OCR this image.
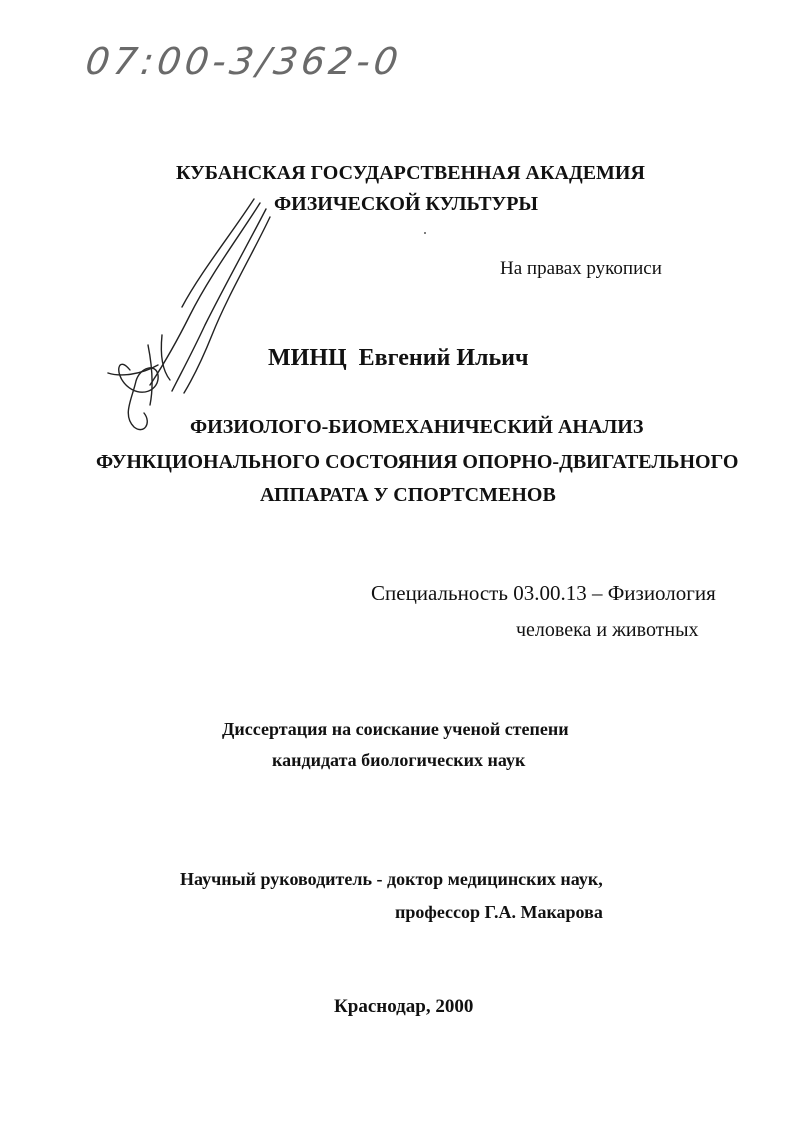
07:00-3/362-0
КУБАНСКАЯ ГОСУДАРСТВЕННАЯ АКАДЕМИЯ
ФИЗИЧЕСКОЙ КУЛЬТУРЫ
На правах рукописи
МИНЦ Евгений Ильич
ФИЗИОЛОГО-БИОМЕХАНИЧЕСКИЙ АНАЛИЗ
ФУНКЦИОНАЛЬНОГО СОСТОЯНИЯ ОПОРНО-ДВИГАТЕЛЬНОГО
АППАРАТА У СПОРТСМЕНОВ
Специальность 03.00.13 – Физиология
человека и животных
Диссертация на соискание ученой степени
кандидата биологических наук
Научный руководитель - доктор медицинских наук,
профессор Г.А. Макарова
Краснодар, 2000
